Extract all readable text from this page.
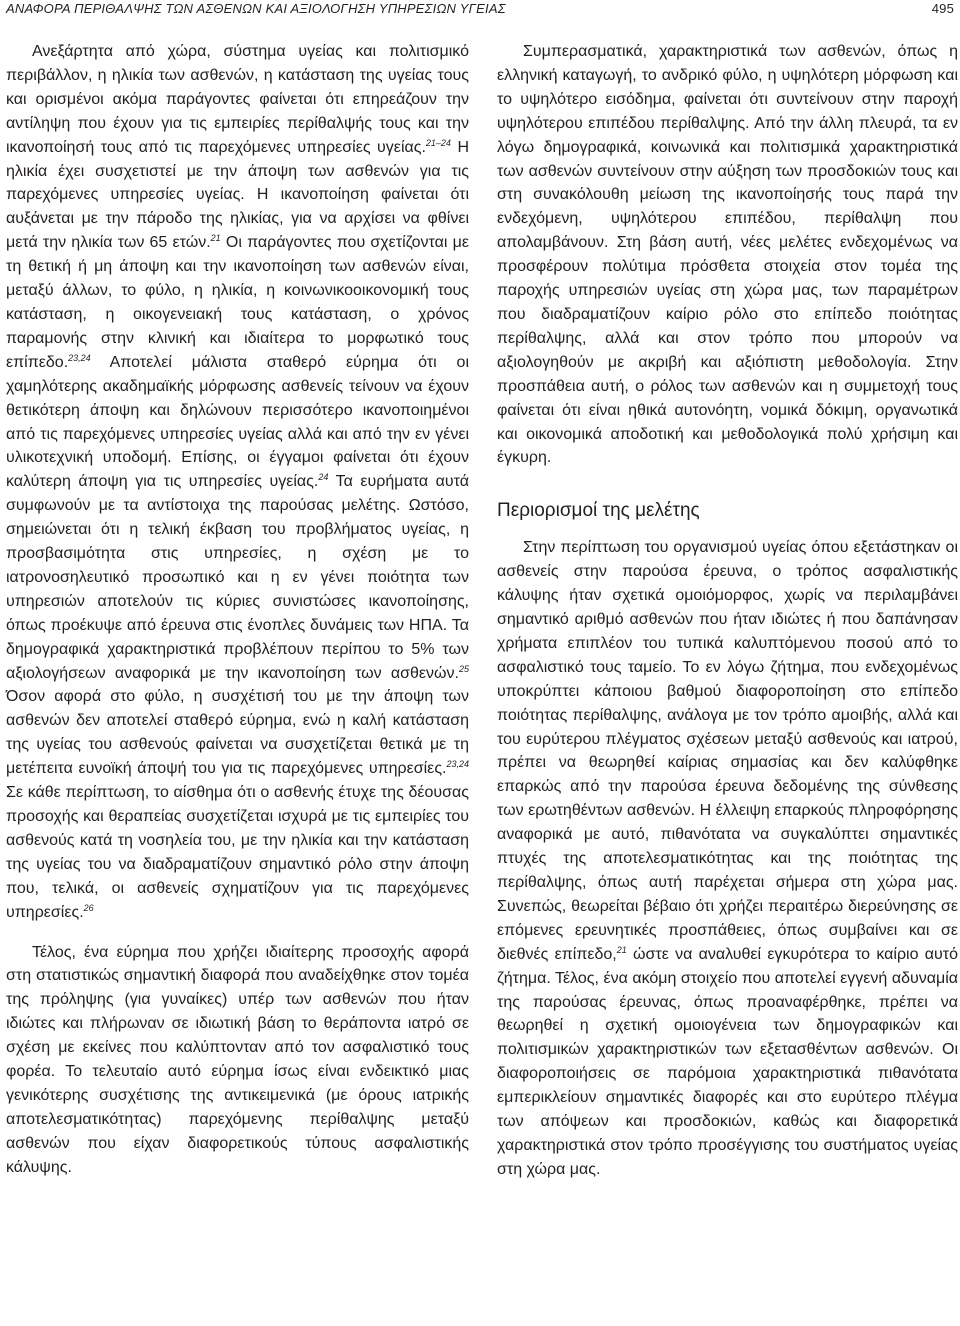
ΑΝΑΦΟΡΑ ΠΕΡΙΘΑΛΨΗΣ ΤΩΝ ΑΣΘΕΝΩΝ ΚΑΙ ΑΞΙΟΛΟΓΗΣΗ ΥΠΗΡΕΣΙΩΝ ΥΓΕΙΑΣ	495

Ανεξάρτητα από χώρα, σύστημα υγείας και πολιτισμικό περιβάλλον, η ηλικία των ασθενών, η κατάσταση της υγείας τους και ορισμένοι ακόμα παράγοντες φαίνεται ότι επηρεάζουν την αντίληψη που έχουν για τις εμπειρίες περίθαλψής τους και την ικανοποίησή τους από τις παρεχόμενες υπηρεσίες υγείας.$^{21-24}$ Η ηλικία έχει συσχετιστεί με την άποψη των ασθενών για τις παρεχόμενες υπηρεσίες υγείας. Η ικανοποίηση φαίνεται ότι αυξάνεται με την πάροδο της ηλικίας, για να αρχίσει να φθίνει μετά την ηλικία των 65 ετών.$^{21}$ Οι παράγοντες που σχετίζονται με τη θετική ή μη άποψη και την ικανοποίηση των ασθενών είναι, μεταξύ άλλων, το φύλο, η ηλικία, η κοινωνικοοικονομική τους κατάσταση, η οικογενειακή τους κατάσταση, ο χρόνος παραμονής στην κλινική και ιδιαίτερα το μορφωτικό τους επίπεδο.$^{23,24}$ Αποτελεί μάλιστα σταθερό εύρημα ότι οι χαμηλότερης ακαδημαϊκής μόρφωσης ασθενείς τείνουν να έχουν θετικότερη άποψη και δηλώνουν περισσότερο ικανοποιημένοι από τις παρεχόμενες υπηρεσίες υγείας αλλά και από την εν γένει υλικοτεχνική υποδομή. Επίσης, οι έγγαμοι φαίνεται ότι έχουν καλύτερη άποψη για τις υπηρεσίες υγείας.$^{24}$ Τα ευρήματα αυτά συμφωνούν με τα αντίστοιχα της παρούσας μελέτης. Ωστόσο, σημειώνεται ότι η τελική έκβαση του προβλήματος υγείας, η προσβασιμότητα στις υπηρεσίες, η σχέση με το ιατρονοσηλευτικό προσωπικό και η εν γένει ποιότητα των υπηρεσιών αποτελούν τις κύριες συνιστώσες ικανοποίησης, όπως προέκυψε από έρευνα στις ένοπλες δυνάμεις των ΗΠΑ. Τα δημογραφικά χαρακτηριστικά προβλέπουν περίπου το 5% των αξιολογήσεων αναφορικά με την ικανοποίηση των ασθενών.$^{25}$ Όσον αφορά στο φύλο, η συσχέτισή του με την άποψη των ασθενών δεν αποτελεί σταθερό εύρημα, ενώ η καλή κατάσταση της υγείας του ασθενούς φαίνεται να συσχετίζεται θετικά με τη μετέπειτα ευνοϊκή άποψή του για τις παρεχόμενες υπηρεσίες.$^{23,24}$ Σε κάθε περίπτωση, το αίσθημα ότι ο ασθενής έτυχε της δέουσας προσοχής και θεραπείας συσχετίζεται ισχυρά με τις εμπειρίες του ασθενούς κατά τη νοσηλεία του, με την ηλικία και την κατάσταση της υγείας του να διαδραματίζουν σημαντικό ρόλο στην άποψη που, τελικά, οι ασθενείς σχηματίζουν για τις παρεχόμενες υπηρεσίες.$^{26}$

Τέλος, ένα εύρημα που χρήζει ιδιαίτερης προσοχής αφορά στη στατιστικώς σημαντική διαφορά που αναδείχθηκε στον τομέα της πρόληψης (για γυναίκες) υπέρ των ασθενών που ήταν ιδιώτες και πλήρωναν σε ιδιωτική βάση το θεράποντα ιατρό σε σχέση με εκείνες που καλύπτονταν από τον ασφαλιστικό τους φορέα. Το τελευταίο αυτό εύρημα ίσως είναι ενδεικτικό μιας γενικότερης συσχέτισης της αντικειμενικά (με όρους ιατρικής αποτελεσματικότητας) παρεχόμενης περίθαλψης μεταξύ ασθενών που είχαν διαφορετικούς τύπους ασφαλιστικής κάλυψης.

Συμπερασματικά, χαρακτηριστικά των ασθενών, όπως η ελληνική καταγωγή, το ανδρικό φύλο, η υψηλότερη μόρφωση και το υψηλότερο εισόδημα, φαίνεται ότι συντείνουν στην παροχή υψηλότερου επιπέδου περίθαλψης. Από την άλλη πλευρά, τα εν λόγω δημογραφικά, κοινωνικά και πολιτισμικά χαρακτηριστικά των ασθενών συντείνουν στην αύξηση των προσδοκιών τους και στη συνακόλουθη μείωση της ικανοποίησής τους παρά την ενδεχόμενη, υψηλότερου επιπέδου, περίθαλψη που απολαμβάνουν. Στη βάση αυτή, νέες μελέτες ενδεχομένως να προσφέρουν πολύτιμα πρόσθετα στοιχεία στον τομέα της παροχής υπηρεσιών υγείας στη χώρα μας, των παραμέτρων που διαδραματίζουν καίριο ρόλο στο επίπεδο ποιότητας περίθαλψης, αλλά και στον τρόπο που μπορούν να αξιολογηθούν με ακριβή και αξιόπιστη μεθοδολογία. Στην προσπάθεια αυτή, ο ρόλος των ασθενών και η συμμετοχή τους φαίνεται ότι είναι ηθικά αυτονόητη, νομικά δόκιμη, οργανωτικά και οικονομικά αποδοτική και μεθοδολογικά πολύ χρήσιμη και έγκυρη.

Περιορισμοί της μελέτης

Στην περίπτωση του οργανισμού υγείας όπου εξετάστηκαν οι ασθενείς στην παρούσα έρευνα, ο τρόπος ασφαλιστικής κάλυψης ήταν σχετικά ομοιόμορφος, χωρίς να περιλαμβάνει σημαντικό αριθμό ασθενών που ήταν ιδιώτες ή που δαπάνησαν χρήματα επιπλέον του τυπικά καλυπτόμενου ποσού από το ασφαλιστικό τους ταμείο. Το εν λόγω ζήτημα, που ενδεχομένως υποκρύπτει κάποιου βαθμού διαφοροποίηση στο επίπεδο ποιότητας περίθαλψης, ανάλογα με τον τρόπο αμοιβής, αλλά και του ευρύτερου πλέγματος σχέσεων μεταξύ ασθενούς και ιατρού, πρέπει να θεωρηθεί καίριας σημασίας και δεν καλύφθηκε επαρκώς από την παρούσα έρευνα δεδομένης της σύνθεσης των ερωτηθέντων ασθενών. Η έλλειψη επαρκούς πληροφόρησης αναφορικά με αυτό, πιθανότατα να συγκαλύπτει σημαντικές πτυχές της αποτελεσματικότητας και της ποιότητας της περίθαλψης, όπως αυτή παρέχεται σήμερα στη χώρα μας. Συνεπώς, θεωρείται βέβαιο ότι χρήζει περαιτέρω διερεύνησης σε επόμενες ερευνητικές προσπάθειες, όπως συμβαίνει και σε διεθνές επίπεδο,$^{21}$ ώστε να αναλυθεί εγκυρότερα το καίριο αυτό ζήτημα. Τέλος, ένα ακόμη στοιχείο που αποτελεί εγγενή αδυναμία της παρούσας έρευνας, όπως προαναφέρθηκε, πρέπει να θεωρηθεί η σχετική ομοιογένεια των δημογραφικών και πολιτισμικών χαρακτηριστικών των εξετασθέντων ασθενών. Οι διαφοροποιήσεις σε παρόμοια χαρακτηριστικά πιθανότατα εμπερικλείουν σημαντικές διαφορές και στο ευρύτερο πλέγμα των απόψεων και προσδοκιών, καθώς και διαφορετικά χαρακτηριστικά στον τρόπο προσέγγισης του συστήματος υγείας στη χώρα μας.
